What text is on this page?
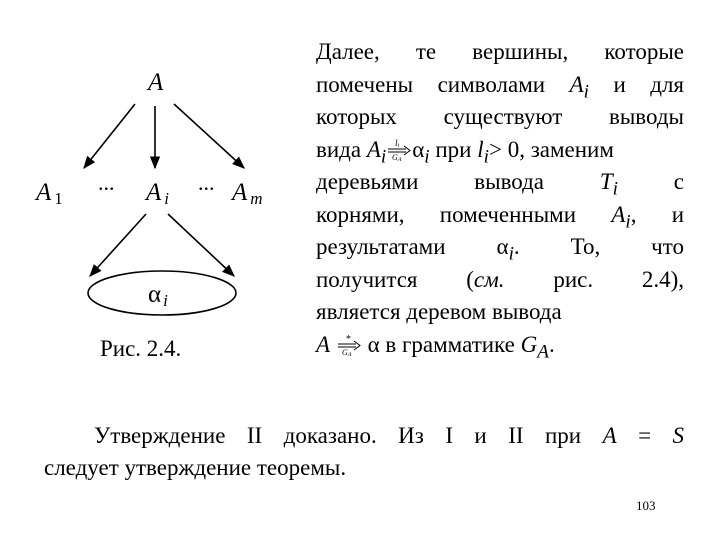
A
A 1
... A i
... A m
α i
Рис. 2.4.
Далее, те вершины, которые
помечены символами $A_i$ и для
которых существуют выводы
вида $A_i$
li
GA $\alpha_i$ при $l_i> 0$, заменим
деревьями вывода $T_i$ с
корнями, помеченными $A_i$, и
результатами $\alpha_i$. То, что
получится (см. рис. 2.4),
является деревом вывода
A *
GA α в грамматике $G_A$.
Утверждение II доказано. Из I и II при A = S
следует утверждение теоремы.
103
